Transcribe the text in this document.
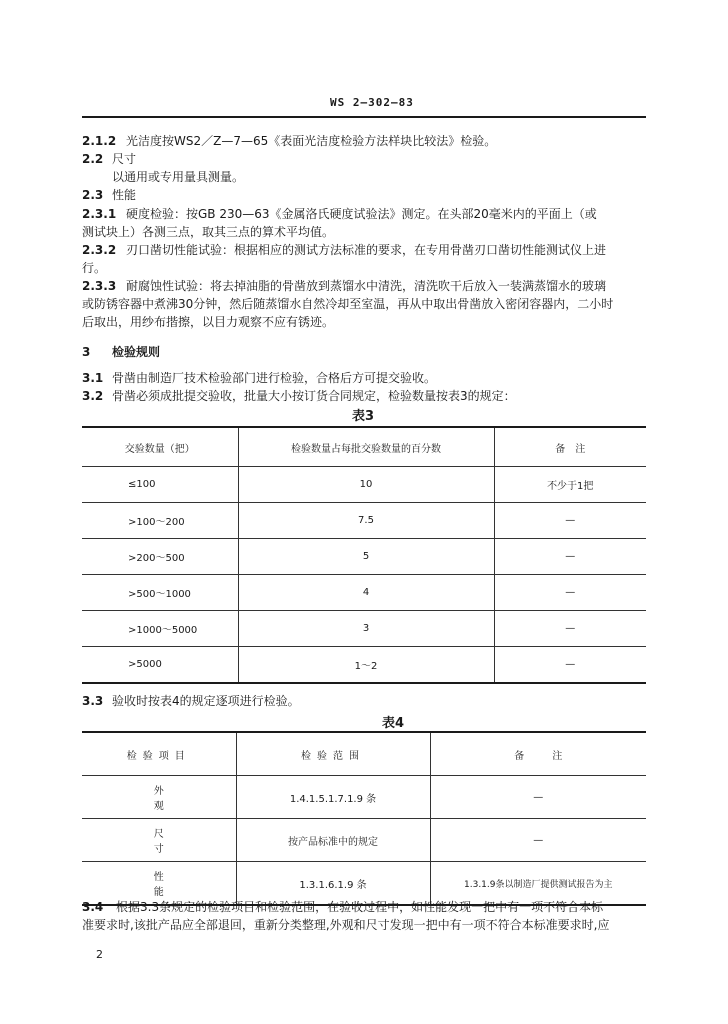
WS 2—302—83
2.1.2 光洁度按WS2／Z—7—65《表面光洁度检验方法样块比较法》检验。
2.2 尺寸
以通用或专用量具测量。
2.3 性能
2.3.1 硬度检验：按GB 230—63《金属洛氏硬度试验法》测定。在头部20毫米内的平面上（或
测试块上）各测三点，取其三点的算术平均值。
2.3.2 刃口凿切性能试验：根据相应的测试方法标准的要求，在专用骨凿刃口凿切性能测试仪上进
行。
2.3.3 耐腐蚀性试验：将去掉油脂的骨凿放到蒸馏水中清洗，清洗吹干后放入一装满蒸馏水的玻璃
或防锈容器中煮沸30分钟，然后随蒸馏水自然冷却至室温，再从中取出骨凿放入密闭容器内，二小时
后取出，用纱布揩擦，以目力观察不应有锈迹。
3 检验规则
3.1 骨凿由制造厂技术检验部门进行检验，合格后方可提交验收。
3.2 骨凿必须成批提交验收，批量大小按订货合同规定，检验数量按表3的规定：
表3
交验数量（把）	检验数量占每批交验数量的百分数	备　注
≤100	10	不少于1把
>100～200	7.5	—
>200～500	5	—
>500～1000	4	—
>1000～5000	3	—
>5000	1～2	—
3.3 验收时按表4的规定逐项进行检验。
表4
检验项目	检验范围	备注
外观	1.4.1.5.1.7.1.9 条	—
尺寸	按产品标准中的规定	—
性能	1.3.1.6.1.9 条	1.3.1.9条以制造厂提供测试报告为主
3.4 根据3.3条规定的检验项目和检验范围，在验收过程中，如性能发现一把中有一项不符合本标
准要求时,该批产品应全部退回，重新分类整理,外观和尺寸发现一把中有一项不符合本标准要求时,应
2
